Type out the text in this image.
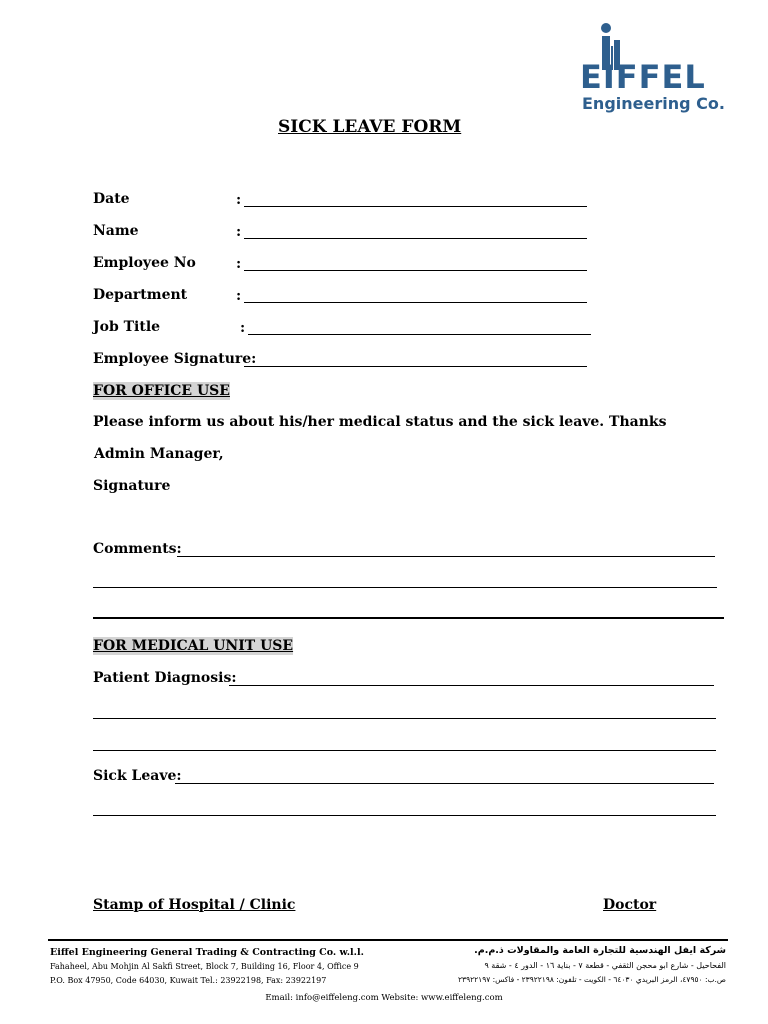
EIFFEL
Engineering Co.
SICK LEAVE FORM
Date	:
Name	:
Employee No	:
Department	:
Job Title	:
Employee Signature:
FOR OFFICE USE
Please inform us about his/her medical status and the sick leave. Thanks
Admin Manager,
Signature
Comments:
FOR MEDICAL UNIT USE
Patient Diagnosis:
Sick Leave:
Stamp of Hospital / Clinic	Doctor
Eiffel Engineering General Trading & Contracting Co. w.l.l.
Fahaheel, Abu Mohjin Al Sakfi Street, Block 7, Building 16, Floor 4, Office 9
P.O. Box 47950, Code 64030, Kuwait Tel.: 23922198, Fax: 23922197
شركة ايفل الهندسية للتجارة العامة والمقاولات ذ.م.م.
الفحاحيل - شارع ابو محجن الثقفي - قطعة ٧ - بناية ١٦ - الدور ٤ - شقة ٩
ص.ب: ٤٧٩٥٠، الرمز البريدي ٦٤٠٣٠ - الكويت - تلفون: ٢٣٩٢٢١٩٨ - فاكس: ٢٣٩٢٢١٩٧
Email: info@eiffeleng.com Website: www.eiffeleng.com
